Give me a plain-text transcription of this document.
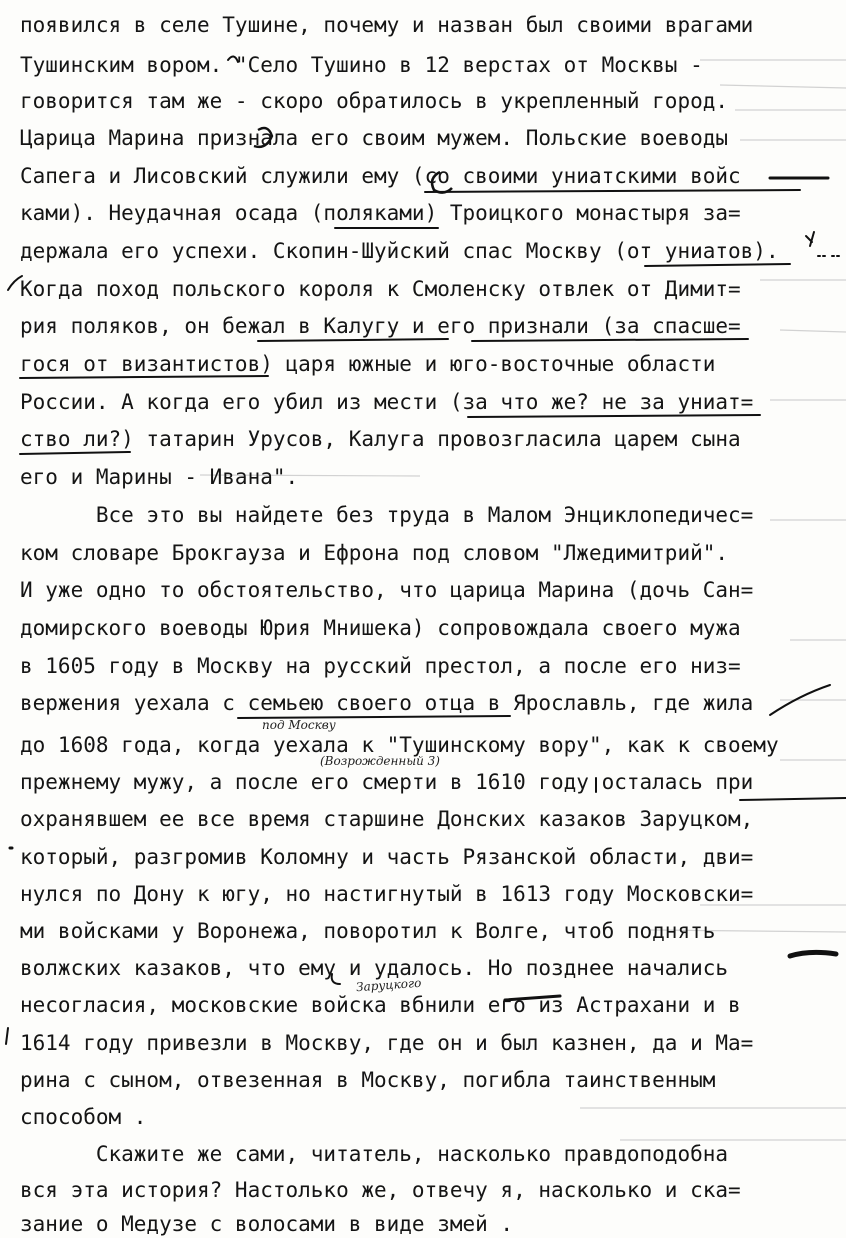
появился в селе Тушине, почему и назван был своими врагами
Тушинским вором. "Село Тушино в 12 верстах от Москвы -
говорится там же - скоро обратилось в укрепленный город.
Царица Марина признала его своим мужем. Польские воеводы
Сапега и Лисовский служили ему (со своими униатскими войс
ками). Неудачная осада (поляками) Троицкого монастыря за=
держала его успехи. Скопин-Шуйский спас Москву (от униатов).
Когда поход польского короля к Смоленску отвлек от Димит=
рия поляков, он бежал в Калугу и его признали (за спасше=
гося от византистов) царя южные и юго-восточные области
России. А когда его убил из мести (за что же? не за униат=
ство ли?) татарин Урусов, Калуга провозгласила царем сына
его и Марины - Ивана".
Все это вы найдете без труда в Малом Энциклопедичес=
ком словаре Брокгауза и Ефрона под словом "Лжедимитрий".
И уже одно то обстоятельство, что царица Марина (дочь Сан=
домирского воеводы Юрия Мнишека) сопровождала своего мужа
в 1605 году в Москву на русский престол, а после его низ=
вержения уехала с семьею своего отца в Ярославль, где жила
до 1608 года, когда уехала к "Тушинскому вору", как к своему
прежнему мужу, а после его смерти в 1610 году осталась при
охранявшем ее все время старшине Донских казаков Заруцком,
который, разгромив Коломну и часть Рязанской области, дви=
нулся по Дону к югу, но настигнутый в 1613 году Московски=
ми войсками у Воронежа, поворотил к Волге, чтоб поднять
волжских казаков, что ему и удалось. Но позднее начались
несогласия, московские войска вбнили его из Астрахани и в
1614 году привезли в Москву, где он и был казнен, да и Ма=
рина с сыном, отвезенная в Москву, погибла таинственным
способом .
Скажите же сами, читатель, насколько правдоподобна
вся эта история? Настолько же, отвечу я, насколько и ска=
зание о Медузе с волосами в виде змей .
под Москву
(Возрожденный 3)
Заруцкого
